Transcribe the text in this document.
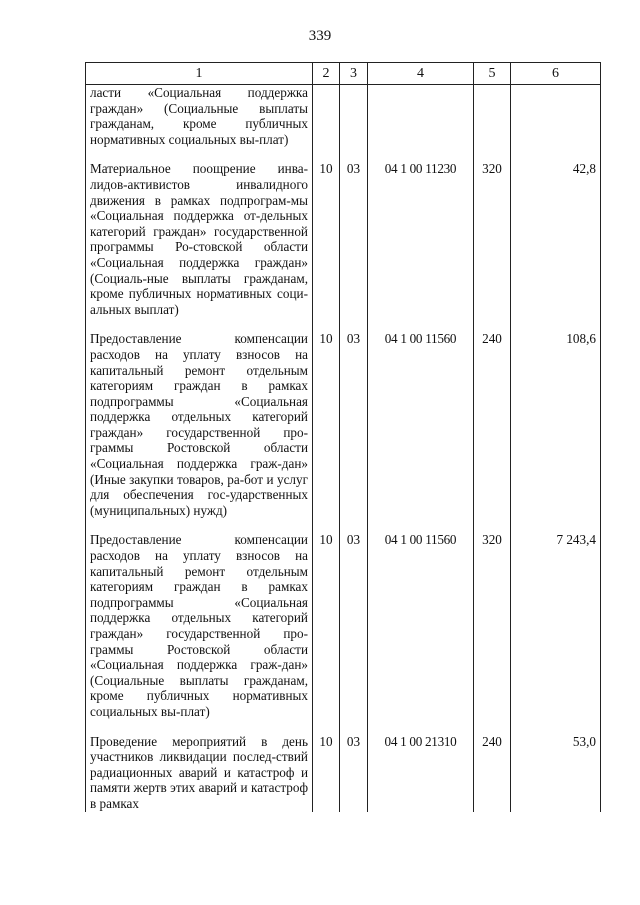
339
1	2	3	4	5	6
ласти «Социальная поддержка граждан» (Социальные выплаты гражданам, кроме публичных нормативных социальных вы-плат)					
Материальное поощрение инва-лидов-активистов инвалидного движения в рамках подпрограм-мы «Социальная поддержка от-дельных категорий граждан» государственной программы Ро-стовской области «Социальная поддержка граждан» (Социаль-ные выплаты гражданам, кроме публичных нормативных соци-альных выплат)	10	03	04 1 00 11230	320	42,8
Предоставление компенсации расходов на уплату взносов на капитальный ремонт отдельным категориям граждан в рамках подпрограммы «Социальная поддержка отдельных категорий граждан» государственной про-граммы Ростовской области «Социальная поддержка граж-дан» (Иные закупки товаров, ра-бот и услуг для обеспечения гос-ударственных (муниципальных) нужд)	10	03	04 1 00 11560	240	108,6
Предоставление компенсации расходов на уплату взносов на капитальный ремонт отдельным категориям граждан в рамках подпрограммы «Социальная поддержка отдельных категорий граждан» государственной про-граммы Ростовской области «Социальная поддержка граж-дан» (Социальные выплаты гражданам, кроме публичных нормативных социальных вы-плат)	10	03	04 1 00 11560	320	7 243,4
Проведение мероприятий в день участников ликвидации послед-ствий радиационных аварий и катастроф и памяти жертв этих аварий и катастроф в рамках	10	03	04 1 00 21310	240	53,0
